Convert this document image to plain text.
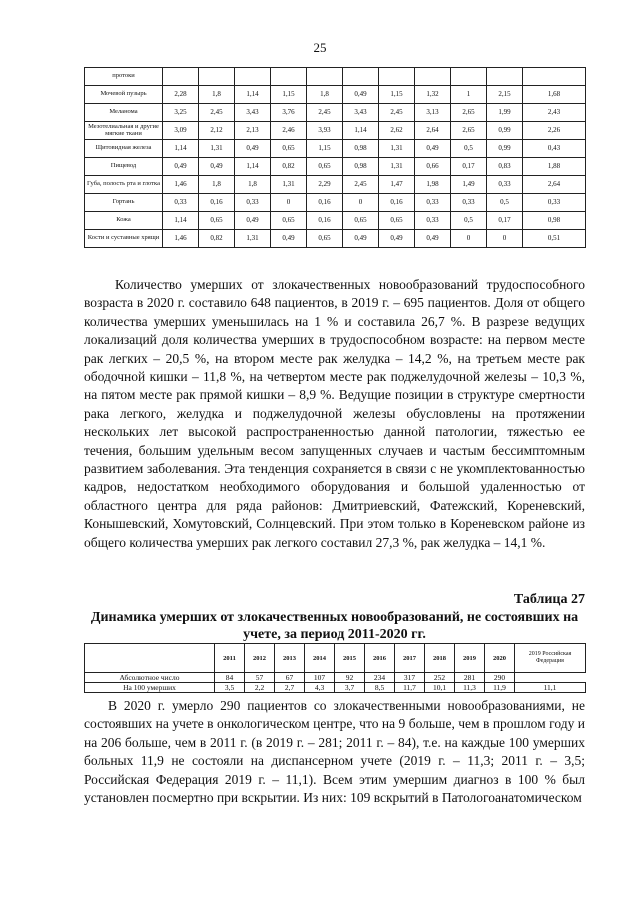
25
протоки											
Мочевой пузырь	2,28	1,8	1,14	1,15	1,8	0,49	1,15	1,32	1	2,15	1,68
Меланома	3,25	2,45	3,43	3,76	2,45	3,43	2,45	3,13	2,65	1,99	2,43
Мезотелиальная и другие мягкие ткани	3,09	2,12	2,13	2,46	3,93	1,14	2,62	2,64	2,65	0,99	2,26
Щитовидная железа	1,14	1,31	0,49	0,65	1,15	0,98	1,31	0,49	0,5	0,99	0,43
Пищевод	0,49	0,49	1,14	0,82	0,65	0,98	1,31	0,66	0,17	0,83	1,88
Губа, полость рта и глотка	1,46	1,8	1,8	1,31	2,29	2,45	1,47	1,98	1,49	0,33	2,64
Гортань	0,33	0,16	0,33	0	0,16	0	0,16	0,33	0,33	0,5	0,33
Кожа	1,14	0,65	0,49	0,65	0,16	0,65	0,65	0,33	0,5	0,17	0,98
Кости и суставные хрящи	1,46	0,82	1,31	0,49	0,65	0,49	0,49	0,49	0	0	0,51

Количество умерших от злокачественных новообразований трудоспособного возраста в 2020 г. составило 648 пациентов, в 2019 г. – 695 пациентов. Доля от общего количества умерших уменьшилась на 1 % и составила 26,7 %. В разрезе ведущих локализаций доля количества умерших в трудоспособном возрасте: на первом месте рак легких – 20,5 %, на втором месте рак желудка – 14,2 %, на третьем месте рак ободочной кишки – 11,8 %, на четвертом месте рак поджелудочной железы – 10,3 %, на пятом месте рак прямой кишки – 8,9 %. Ведущие позиции в структуре смертности рака легкого, желудка и поджелудочной железы обусловлены на протяжении нескольких лет высокой распространенностью данной патологии, тяжестью ее течения, большим удельным весом запущенных случаев и частым бессимптомным развитием заболевания. Эта тенденция сохраняется в связи с не укомплектованностью кадров, недостатком необходимого оборудования и большой удаленностью от областного центра для ряда районов: Дмитриевский, Фатежский, Кореневский, Конышевский, Хомутовский, Солнцевский. При этом только в Кореневском районе из общего количества умерших рак легкого составил 27,3 %, рак желудка – 14,1 %.

Таблица 27

Динамика умерших от злокачественных новообразований, не состоявших на учете, за период 2011-2020 гг.

	2011	2012	2013	2014	2015	2016	2017	2018	2019	2020	2019 Российская Федерация
Абсолютное число	84	57	67	107	92	234	317	252	281	290	
На 100 умерших	3,5	2,2	2,7	4,3	3,7	8,5	11,7	10,1	11,3	11,9	11,1

В 2020 г. умерло 290 пациентов со злокачественными новообразованиями, не состоявших на учете в онкологическом центре, что на 9 больше, чем в прошлом году и на 206 больше, чем в 2011 г. (в 2019 г. – 281; 2011 г. – 84), т.е. на каждые 100 умерших больных 11,9 не состояли на диспансерном учете (2019 г. – 11,3; 2011 г. – 3,5; Российская Федерация 2019 г. – 11,1). Всем этим умершим диагноз в 100 % был установлен посмертно при вскрытии. Из них: 109 вскрытий в Патологоанатомическом
